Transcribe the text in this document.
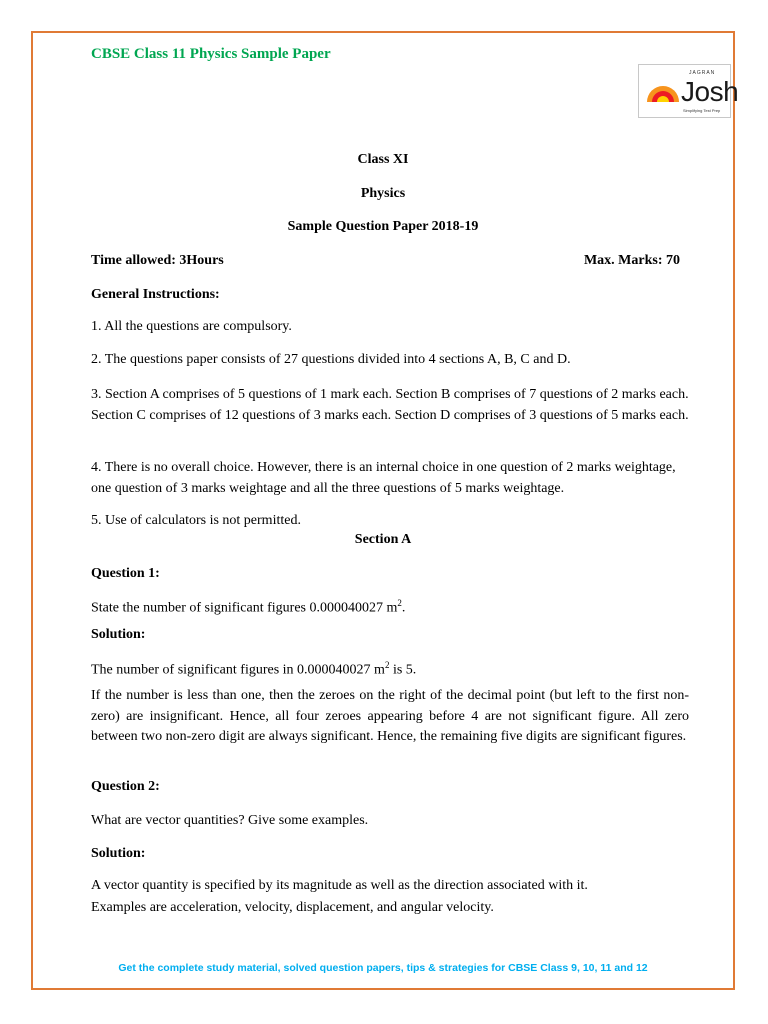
CBSE Class 11 Physics Sample Paper
JAGRAN
Josh
Simplifying Test Prep
Class XI
Physics
Sample Question Paper 2018-19
Time allowed: 3Hours	Max. Marks: 70
General Instructions:
1. All the questions are compulsory.
2. The questions paper consists of 27 questions divided into 4 sections A, B, C and D.
3. Section A comprises of 5 questions of 1 mark each. Section B comprises of 7 questions of 2 marks each. Section C comprises of 12 questions of 3 marks each. Section D comprises of 3 questions of 5 marks each.
4. There is no overall choice. However, there is an internal choice in one question of 2 marks weightage, one question of 3 marks weightage and all the three questions of 5 marks weightage.
5. Use of calculators is not permitted.
Section A
Question 1:
State the number of significant figures 0.000040027 $m^2$.
Solution:
The number of significant figures in 0.000040027 $m^2$ is 5.
If the number is less than one, then the zeroes on the right of the decimal point (but left to the first non-zero) are insignificant. Hence, all four zeroes appearing before 4 are not significant figure. All zero between two non-zero digit are always significant. Hence, the remaining five digits are significant figures.
Question 2:
What are vector quantities? Give some examples.
Solution:
A vector quantity is specified by its magnitude as well as the direction associated with it.
Examples are acceleration, velocity, displacement, and angular velocity.
Get the complete study material, solved question papers, tips & strategies for CBSE Class 9, 10, 11 and 12
